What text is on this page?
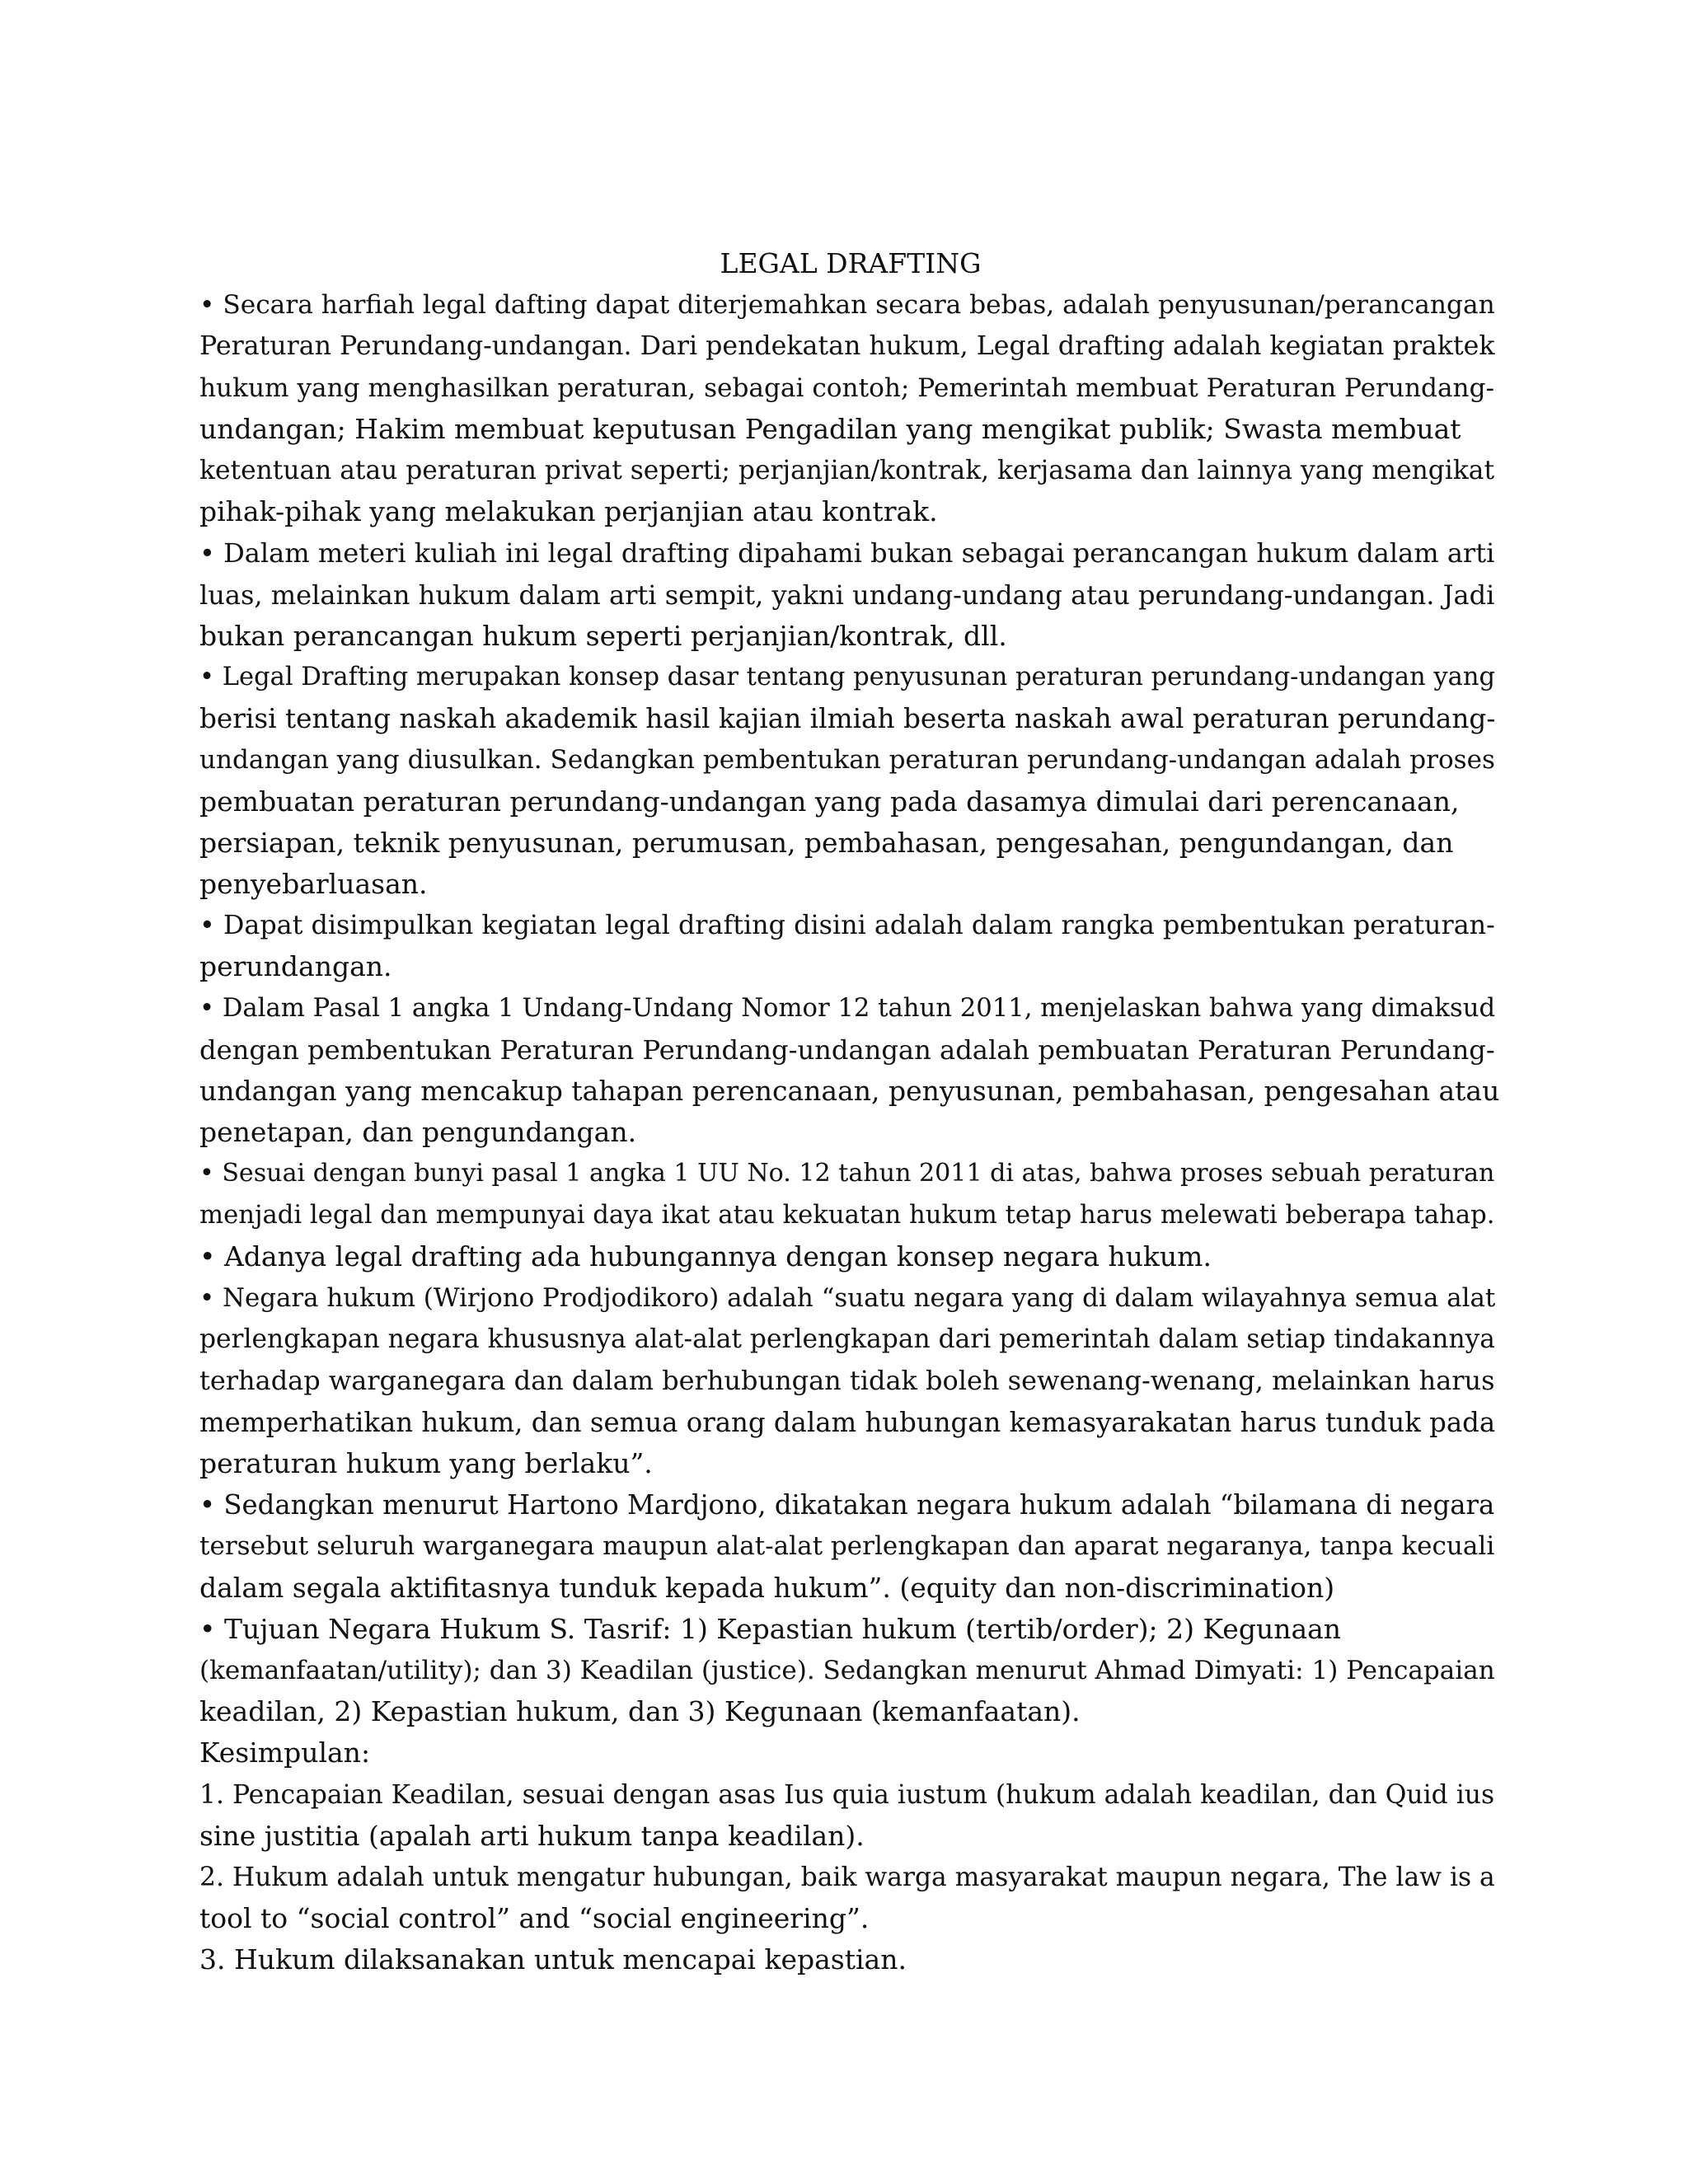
LEGAL DRAFTING

• Secara harfiah legal dafting dapat diterjemahkan secara bebas, adalah penyusunan/perancangan

Peraturan Perundang-undangan. Dari pendekatan hukum, Legal drafting adalah kegiatan praktek

hukum yang menghasilkan peraturan, sebagai contoh; Pemerintah membuat Peraturan Perundang-

undangan; Hakim membuat keputusan Pengadilan yang mengikat publik; Swasta membuat

ketentuan atau peraturan privat seperti; perjanjian/kontrak, kerjasama dan lainnya yang mengikat

pihak-pihak yang melakukan perjanjian atau kontrak.

• Dalam meteri kuliah ini legal drafting dipahami bukan sebagai perancangan hukum dalam arti

luas, melainkan hukum dalam arti sempit, yakni undang-undang atau perundang-undangan. Jadi

bukan perancangan hukum seperti perjanjian/kontrak, dll.

• Legal Drafting merupakan konsep dasar tentang penyusunan peraturan perundang-undangan yang

berisi tentang naskah akademik hasil kajian ilmiah beserta naskah awal peraturan perundang-

undangan yang diusulkan. Sedangkan pembentukan peraturan perundang-undangan adalah proses

pembuatan peraturan perundang-undangan yang pada dasamya dimulai dari perencanaan,

persiapan, teknik penyusunan, perumusan, pembahasan, pengesahan, pengundangan, dan

penyebarluasan.

• Dapat disimpulkan kegiatan legal drafting disini adalah dalam rangka pembentukan peraturan-

perundangan.

• Dalam Pasal 1 angka 1 Undang-Undang Nomor 12 tahun 2011, menjelaskan bahwa yang dimaksud

dengan pembentukan Peraturan Perundang-undangan adalah pembuatan Peraturan Perundang-

undangan yang mencakup tahapan perencanaan, penyusunan, pembahasan, pengesahan atau

penetapan, dan pengundangan.

• Sesuai dengan bunyi pasal 1 angka 1 UU No. 12 tahun 2011 di atas, bahwa proses sebuah peraturan

menjadi legal dan mempunyai daya ikat atau kekuatan hukum tetap harus melewati beberapa tahap.

• Adanya legal drafting ada hubungannya dengan konsep negara hukum.

• Negara hukum (Wirjono Prodjodikoro) adalah “suatu negara yang di dalam wilayahnya semua alat

perlengkapan negara khususnya alat-alat perlengkapan dari pemerintah dalam setiap tindakannya

terhadap warganegara dan dalam berhubungan tidak boleh sewenang-wenang, melainkan harus

memperhatikan hukum, dan semua orang dalam hubungan kemasyarakatan harus tunduk pada

peraturan hukum yang berlaku”.

• Sedangkan menurut Hartono Mardjono, dikatakan negara hukum adalah “bilamana di negara

tersebut seluruh warganegara maupun alat-alat perlengkapan dan aparat negaranya, tanpa kecuali

dalam segala aktifitasnya tunduk kepada hukum”. (equity dan non-discrimination)

• Tujuan Negara Hukum S. Tasrif: 1) Kepastian hukum (tertib/order); 2) Kegunaan

(kemanfaatan/utility); dan 3) Keadilan (justice). Sedangkan menurut Ahmad Dimyati: 1) Pencapaian

keadilan, 2) Kepastian hukum, dan 3) Kegunaan (kemanfaatan).

Kesimpulan:

1. Pencapaian Keadilan, sesuai dengan asas Ius quia iustum (hukum adalah keadilan, dan Quid ius

sine justitia (apalah arti hukum tanpa keadilan).

2. Hukum adalah untuk mengatur hubungan, baik warga masyarakat maupun negara, The law is a

tool to “social control” and “social engineering”.

3. Hukum dilaksanakan untuk mencapai kepastian.
